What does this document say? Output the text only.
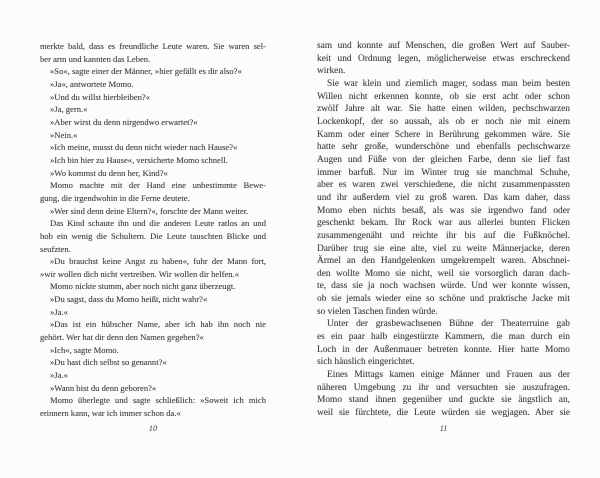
merkte bald, dass es freundliche Leute waren. Sie waren sel-
ber arm und kannten das Leben.
»So«, sagte einer der Männer, »hier gefällt es dir also?«
»Ja«, antwortete Momo.
»Und du willst hierbleiben?«
»Ja, gern.«
»Aber wirst du denn nirgendwo erwartet?«
»Nein.«
»Ich meine, musst du denn nicht wieder nach Hause?«
»Ich bin hier zu Hause«, versicherte Momo schnell.
»Wo kommst du denn her, Kind?«
Momo machte mit der Hand eine unbestimmte Bewe-
gung, die irgendwohin in die Ferne deutete.
»Wer sind denn deine Eltern?«, forschte der Mann weiter.
Das Kind schaute ihn und die anderen Leute ratlos an und
hob ein wenig die Schultern. Die Leute tauschten Blicke und
seufzten.
»Du brauchst keine Angst zu haben«, fuhr der Mann fort,
»wir wollen dich nicht vertreiben. Wir wollen dir helfen.«
Momo nickte stumm, aber noch nicht ganz überzeugt.
»Du sagst, dass du Momo heißt, nicht wahr?«
»Ja.«
»Das ist ein hübscher Name, aber ich hab ihn noch nie
gehört. Wer hat dir denn den Namen gegeben?«
»Ich«, sagte Momo.
»Du hast dich selbst so genannt?«
»Ja.«
»Wann bist du denn geboren?«
Momo überlegte und sagte schließlich: »Soweit ich mich
erinnern kann, war ich immer schon da.«
10
sam und konnte auf Menschen, die großen Wert auf Sauber-
keit und Ordnung legen, möglicherweise etwas erschreckend
wirken.
Sie war klein und ziemlich mager, sodass man beim besten
Willen nicht erkennen konnte, ob sie erst acht oder schon
zwölf Jahre alt war. Sie hatte einen wilden, pechschwarzen
Lockenkopf, der so aussah, als ob er noch nie mit einem
Kamm oder einer Schere in Berührung gekommen wäre. Sie
hatte sehr große, wunderschöne und ebenfalls pechschwarze
Augen und Füße von der gleichen Farbe, denn sie lief fast
immer barfuß. Nur im Winter trug sie manchmal Schuhe,
aber es waren zwei verschiedene, die nicht zusammenpassten
und ihr außerdem viel zu groß waren. Das kam daher, dass
Momo eben nichts besaß, als was sie irgendwo fand oder
geschenkt bekam. Ihr Rock war aus allerlei bunten Flicken
zusammengenäht und reichte ihr bis auf die Fußknöchel.
Darüber trug sie eine alte, viel zu weite Männerjacke, deren
Ärmel an den Handgelenken umgekrempelt waren. Abschnei-
den wollte Momo sie nicht, weil sie vorsorglich daran dach-
te, dass sie ja noch wachsen würde. Und wer konnte wissen,
ob sie jemals wieder eine so schöne und praktische Jacke mit
so vielen Taschen finden würde.
Unter der grasbewachsenen Bühne der Theaterruine gab
es ein paar halb eingestürzte Kammern, die man durch ein
Loch in der Außenmauer betreten konnte. Hier hatte Momo
sich häuslich eingerichtet.
Eines Mittags kamen einige Männer und Frauen aus der
näheren Umgebung zu ihr und versuchten sie auszufragen.
Momo stand ihnen gegenüber und guckte sie ängstlich an,
weil sie fürchtete, die Leute würden sie wegjagen. Aber sie
11
